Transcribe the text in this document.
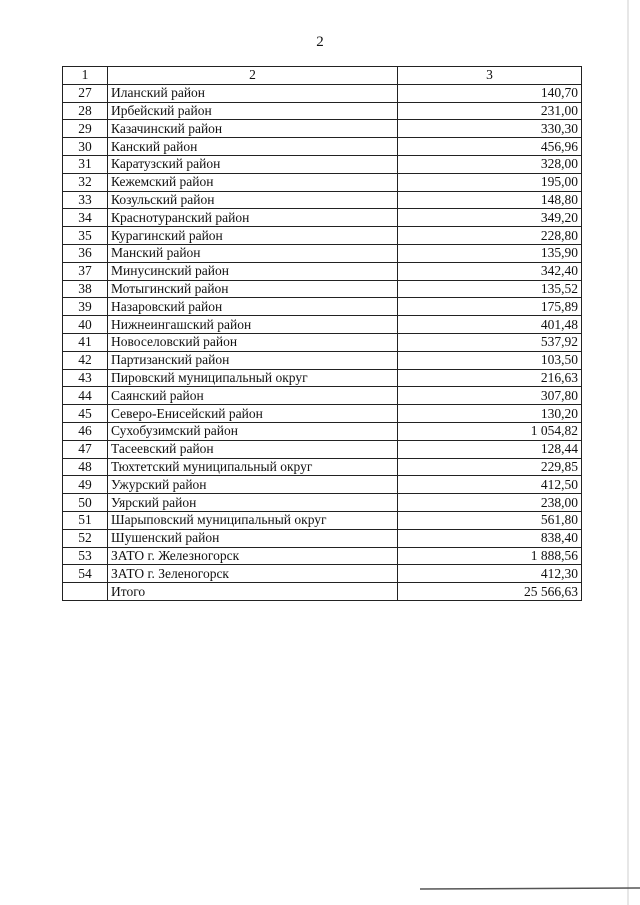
2
1	2	3
27	Иланский район	140,70
28	Ирбейский район	231,00
29	Казачинский район	330,30
30	Канский район	456,96
31	Каратузский район	328,00
32	Кежемский район	195,00
33	Козульский район	148,80
34	Краснотуранский район	349,20
35	Курагинский район	228,80
36	Манский район	135,90
37	Минусинский район	342,40
38	Мотыгинский район	135,52
39	Назаровский район	175,89
40	Нижнеингашский район	401,48
41	Новоселовский район	537,92
42	Партизанский район	103,50
43	Пировский муниципальный округ	216,63
44	Саянский район	307,80
45	Северо-Енисейский район	130,20
46	Сухобузимский район	1 054,82
47	Тасеевский район	128,44
48	Тюхтетский муниципальный округ	229,85
49	Ужурский район	412,50
50	Уярский район	238,00
51	Шарыповский муниципальный округ	561,80
52	Шушенский район	838,40
53	ЗАТО г. Железногорск	1 888,56
54	ЗАТО г. Зеленогорск	412,30
	Итого	25 566,63
